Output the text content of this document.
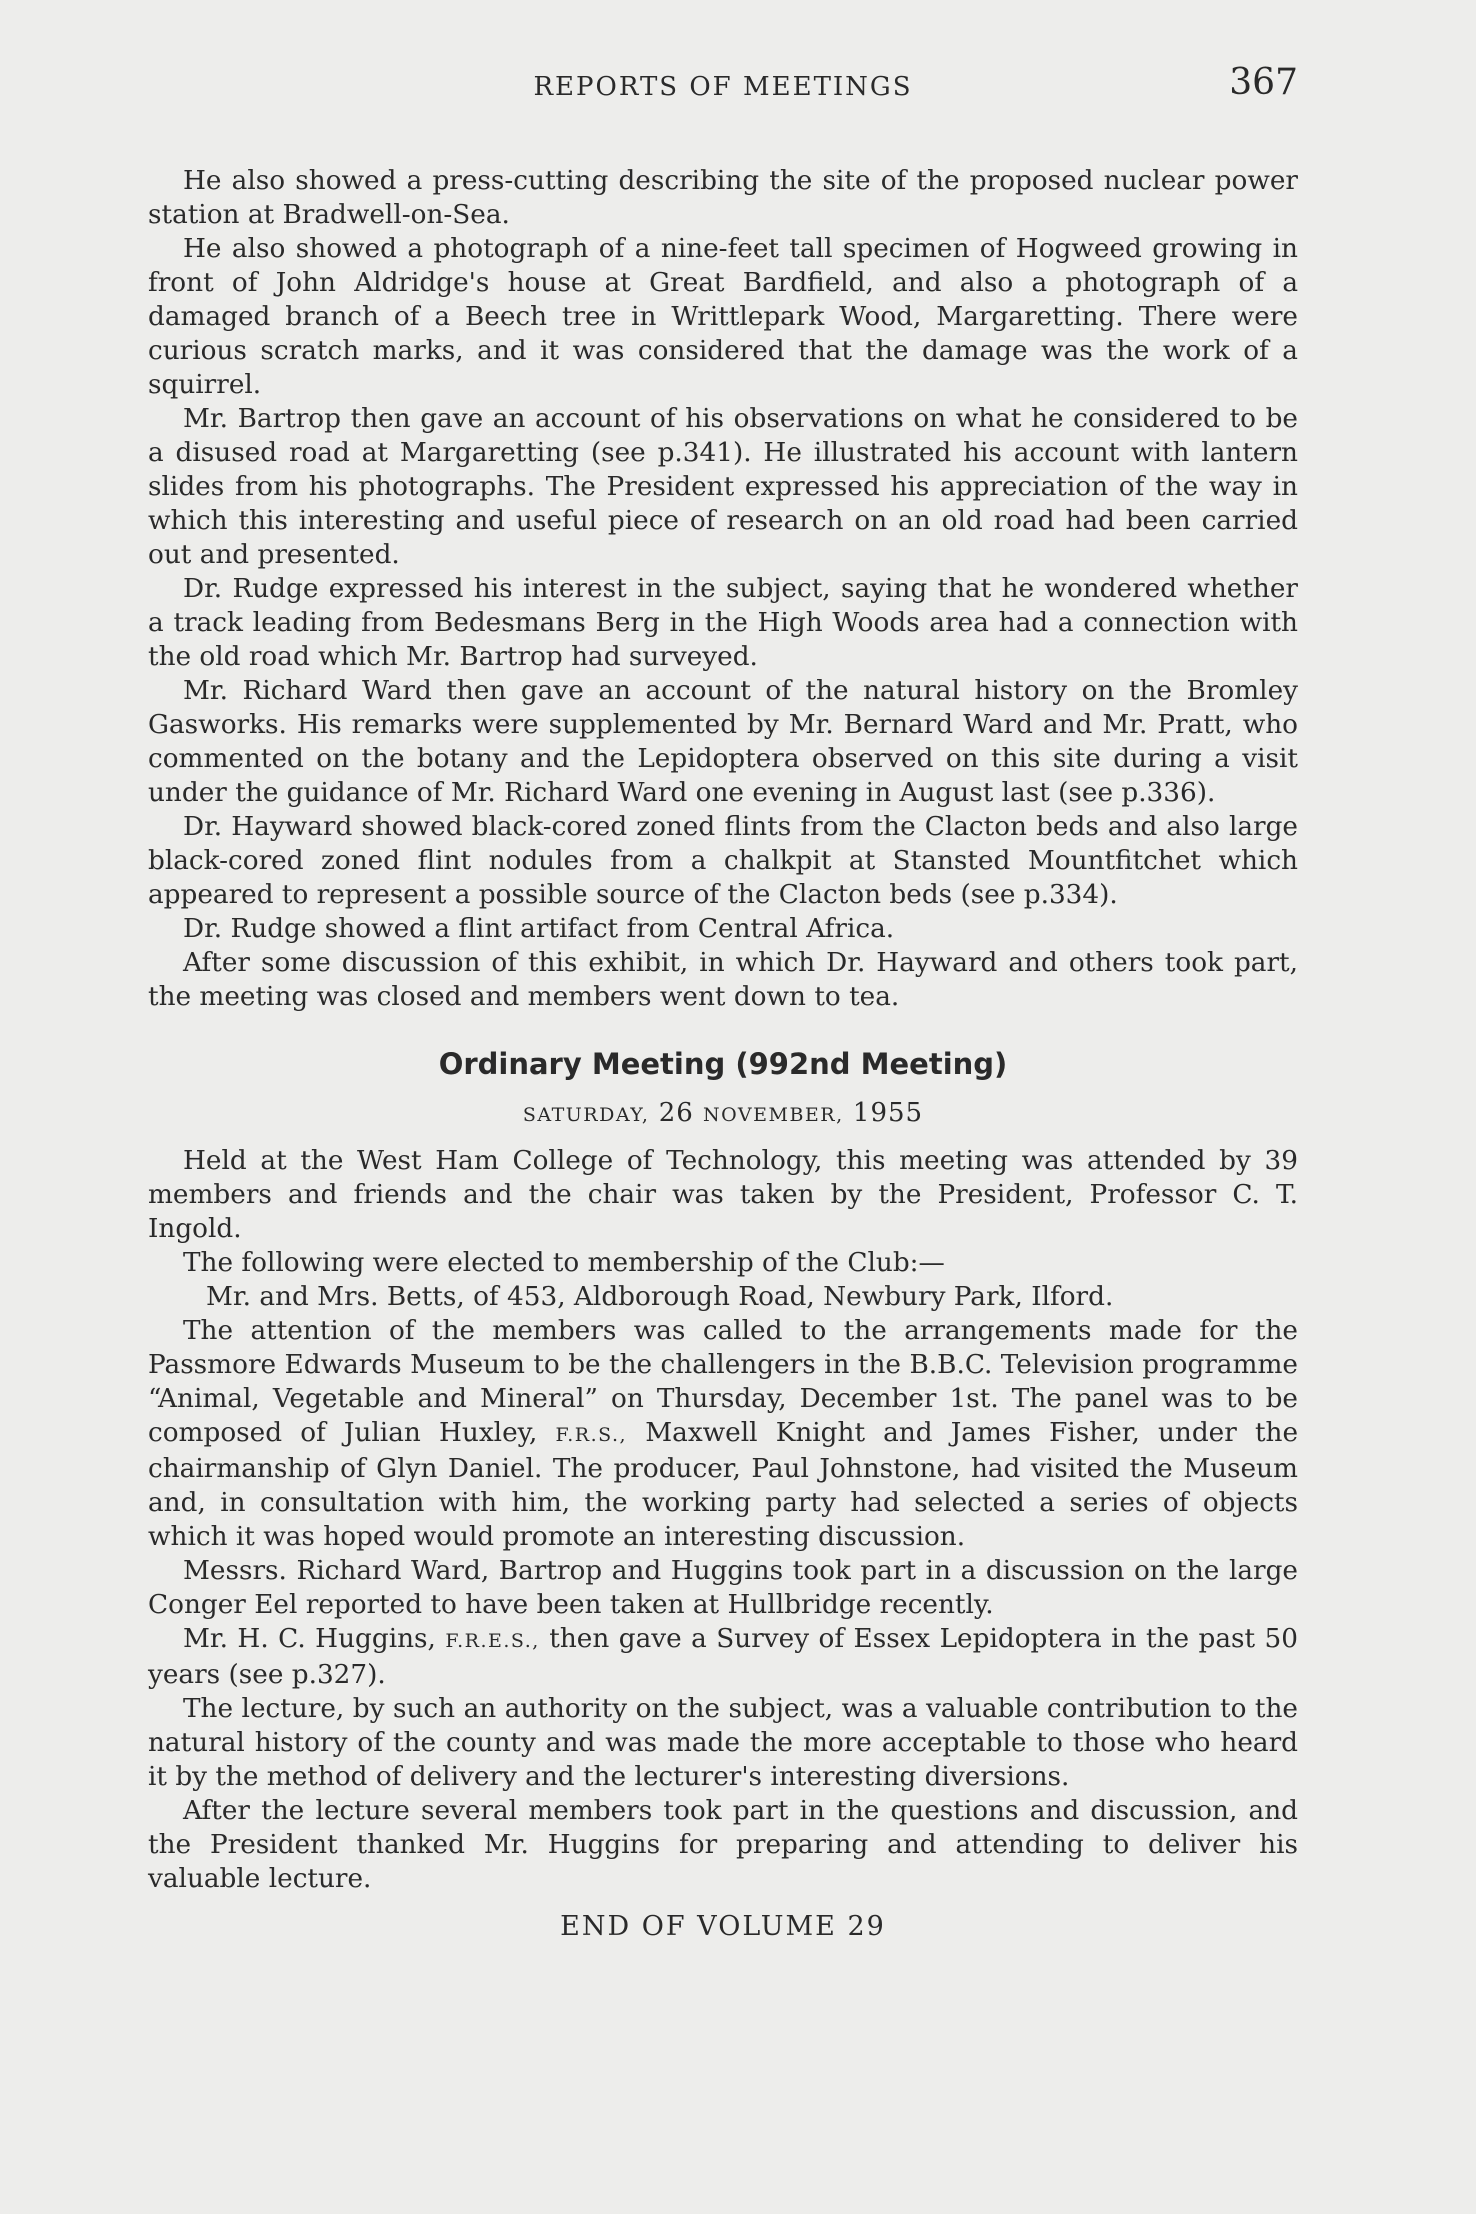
REPORTS OF MEETINGS	367

He also showed a press-cutting describing the site of the proposed nuclear power station at Bradwell-on-Sea.

He also showed a photograph of a nine-feet tall specimen of Hogweed growing in front of John Aldridge's house at Great Bardfield, and also a photograph of a damaged branch of a Beech tree in Writtlepark Wood, Margaretting. There were curious scratch marks, and it was considered that the damage was the work of a squirrel.

Mr. Bartrop then gave an account of his observations on what he considered to be a disused road at Margaretting (see p.341). He illustrated his account with lantern slides from his photographs. The President expressed his appreciation of the way in which this interesting and useful piece of research on an old road had been carried out and presented.

Dr. Rudge expressed his interest in the subject, saying that he wondered whether a track leading from Bedesmans Berg in the High Woods area had a connection with the old road which Mr. Bartrop had surveyed.

Mr. Richard Ward then gave an account of the natural history on the Bromley Gasworks. His remarks were supplemented by Mr. Bernard Ward and Mr. Pratt, who commented on the botany and the Lepidoptera observed on this site during a visit under the guidance of Mr. Richard Ward one evening in August last (see p.336).

Dr. Hayward showed black-cored zoned flints from the Clacton beds and also large black-cored zoned flint nodules from a chalkpit at Stansted Mountfitchet which appeared to represent a possible source of the Clacton beds (see p.334).

Dr. Rudge showed a flint artifact from Central Africa.

After some discussion of this exhibit, in which Dr. Hayward and others took part, the meeting was closed and members went down to tea.

Ordinary Meeting (992nd Meeting)
SATURDAY, 26 NOVEMBER, 1955

Held at the West Ham College of Technology, this meeting was attended by 39 members and friends and the chair was taken by the President, Professor C. T. Ingold.

The following were elected to membership of the Club:—

Mr. and Mrs. Betts, of 453, Aldborough Road, Newbury Park, Ilford.

The attention of the members was called to the arrangements made for the Passmore Edwards Museum to be the challengers in the B.B.C. Television programme “Animal, Vegetable and Mineral” on Thursday, December 1st. The panel was to be composed of Julian Huxley, F.R.S., Maxwell Knight and James Fisher, under the chairmanship of Glyn Daniel. The producer, Paul Johnstone, had visited the Museum and, in consultation with him, the working party had selected a series of objects which it was hoped would promote an interesting discussion.

Messrs. Richard Ward, Bartrop and Huggins took part in a discussion on the large Conger Eel reported to have been taken at Hullbridge recently.

Mr. H. C. Huggins, F.R.E.S., then gave a Survey of Essex Lepidoptera in the past 50 years (see p.327).

The lecture, by such an authority on the subject, was a valuable contribution to the natural history of the county and was made the more acceptable to those who heard it by the method of delivery and the lecturer's interesting diversions.

After the lecture several members took part in the questions and discussion, and the President thanked Mr. Huggins for preparing and attending to deliver his valuable lecture.

END OF VOLUME 29
